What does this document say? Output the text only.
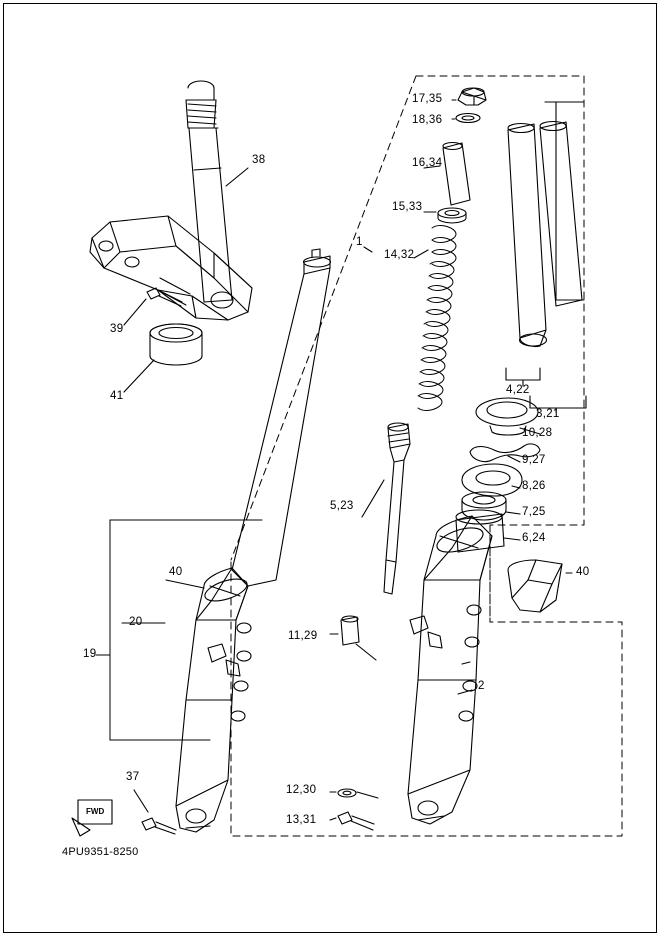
38
39
41
40
20
19
37
1
17,35
18,36
16,34
15,33
14,32
5,23
11,29
2
12,30
13,31
4,22
3,21
10,28
9,27
8,26
7,25
6,24
40
FWD
4PU9351-8250
